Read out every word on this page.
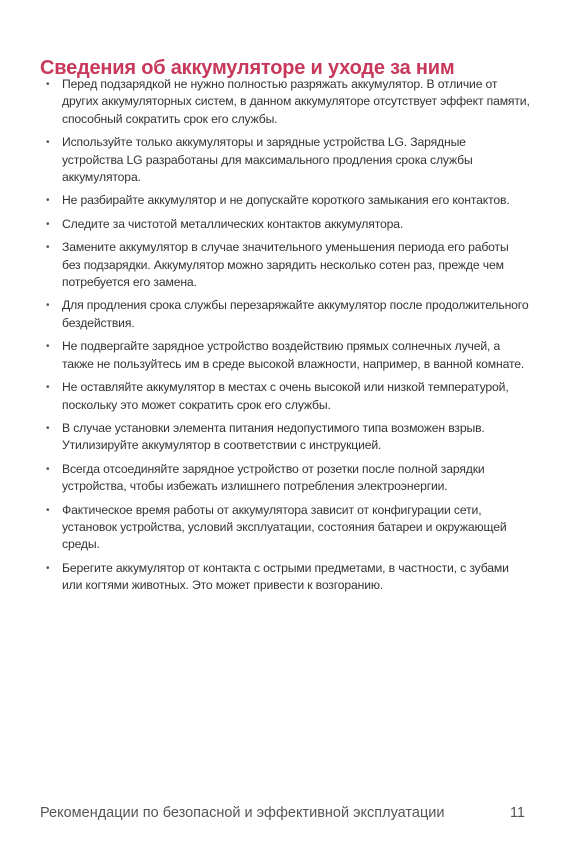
Сведения об аккумуляторе и уходе за ним
• Перед подзарядкой не нужно полностью разряжать аккумулятор. В отличие от других аккумуляторных систем, в данном аккумуляторе отсутствует эффект памяти, способный сократить срок его службы.
• Используйте только аккумуляторы и зарядные устройства LG. Зарядные устройства LG разработаны для максимального продления срока службы аккумулятора.
• Не разбирайте аккумулятор и не допускайте короткого замыкания его контактов.
• Следите за чистотой металлических контактов аккумулятора.
• Замените аккумулятор в случае значительного уменьшения периода его работы без подзарядки. Аккумулятор можно зарядить несколько сотен раз, прежде чем потребуется его замена.
• Для продления срока службы перезаряжайте аккумулятор после продолжительного бездействия.
• Не подвергайте зарядное устройство воздействию прямых солнечных лучей, а также не пользуйтесь им в среде высокой влажности, например, в ванной комнате.
• Не оставляйте аккумулятор в местах с очень высокой или низкой температурой, поскольку это может сократить срок его службы.
• В случае установки элемента питания недопустимого типа возможен взрыв. Утилизируйте аккумулятор в соответствии с инструкцией.
• Всегда отсоединяйте зарядное устройство от розетки после полной зарядки устройства, чтобы избежать излишнего потребления электроэнергии.
• Фактическое время работы от аккумулятора зависит от конфигурации сети, установок устройства, условий эксплуатации, состояния батареи и окружающей среды.
• Берегите аккумулятор от контакта с острыми предметами, в частности, с зубами или когтями животных. Это может привести к возгоранию.
Рекомендации по безопасной и эффективной эксплуатации	11
